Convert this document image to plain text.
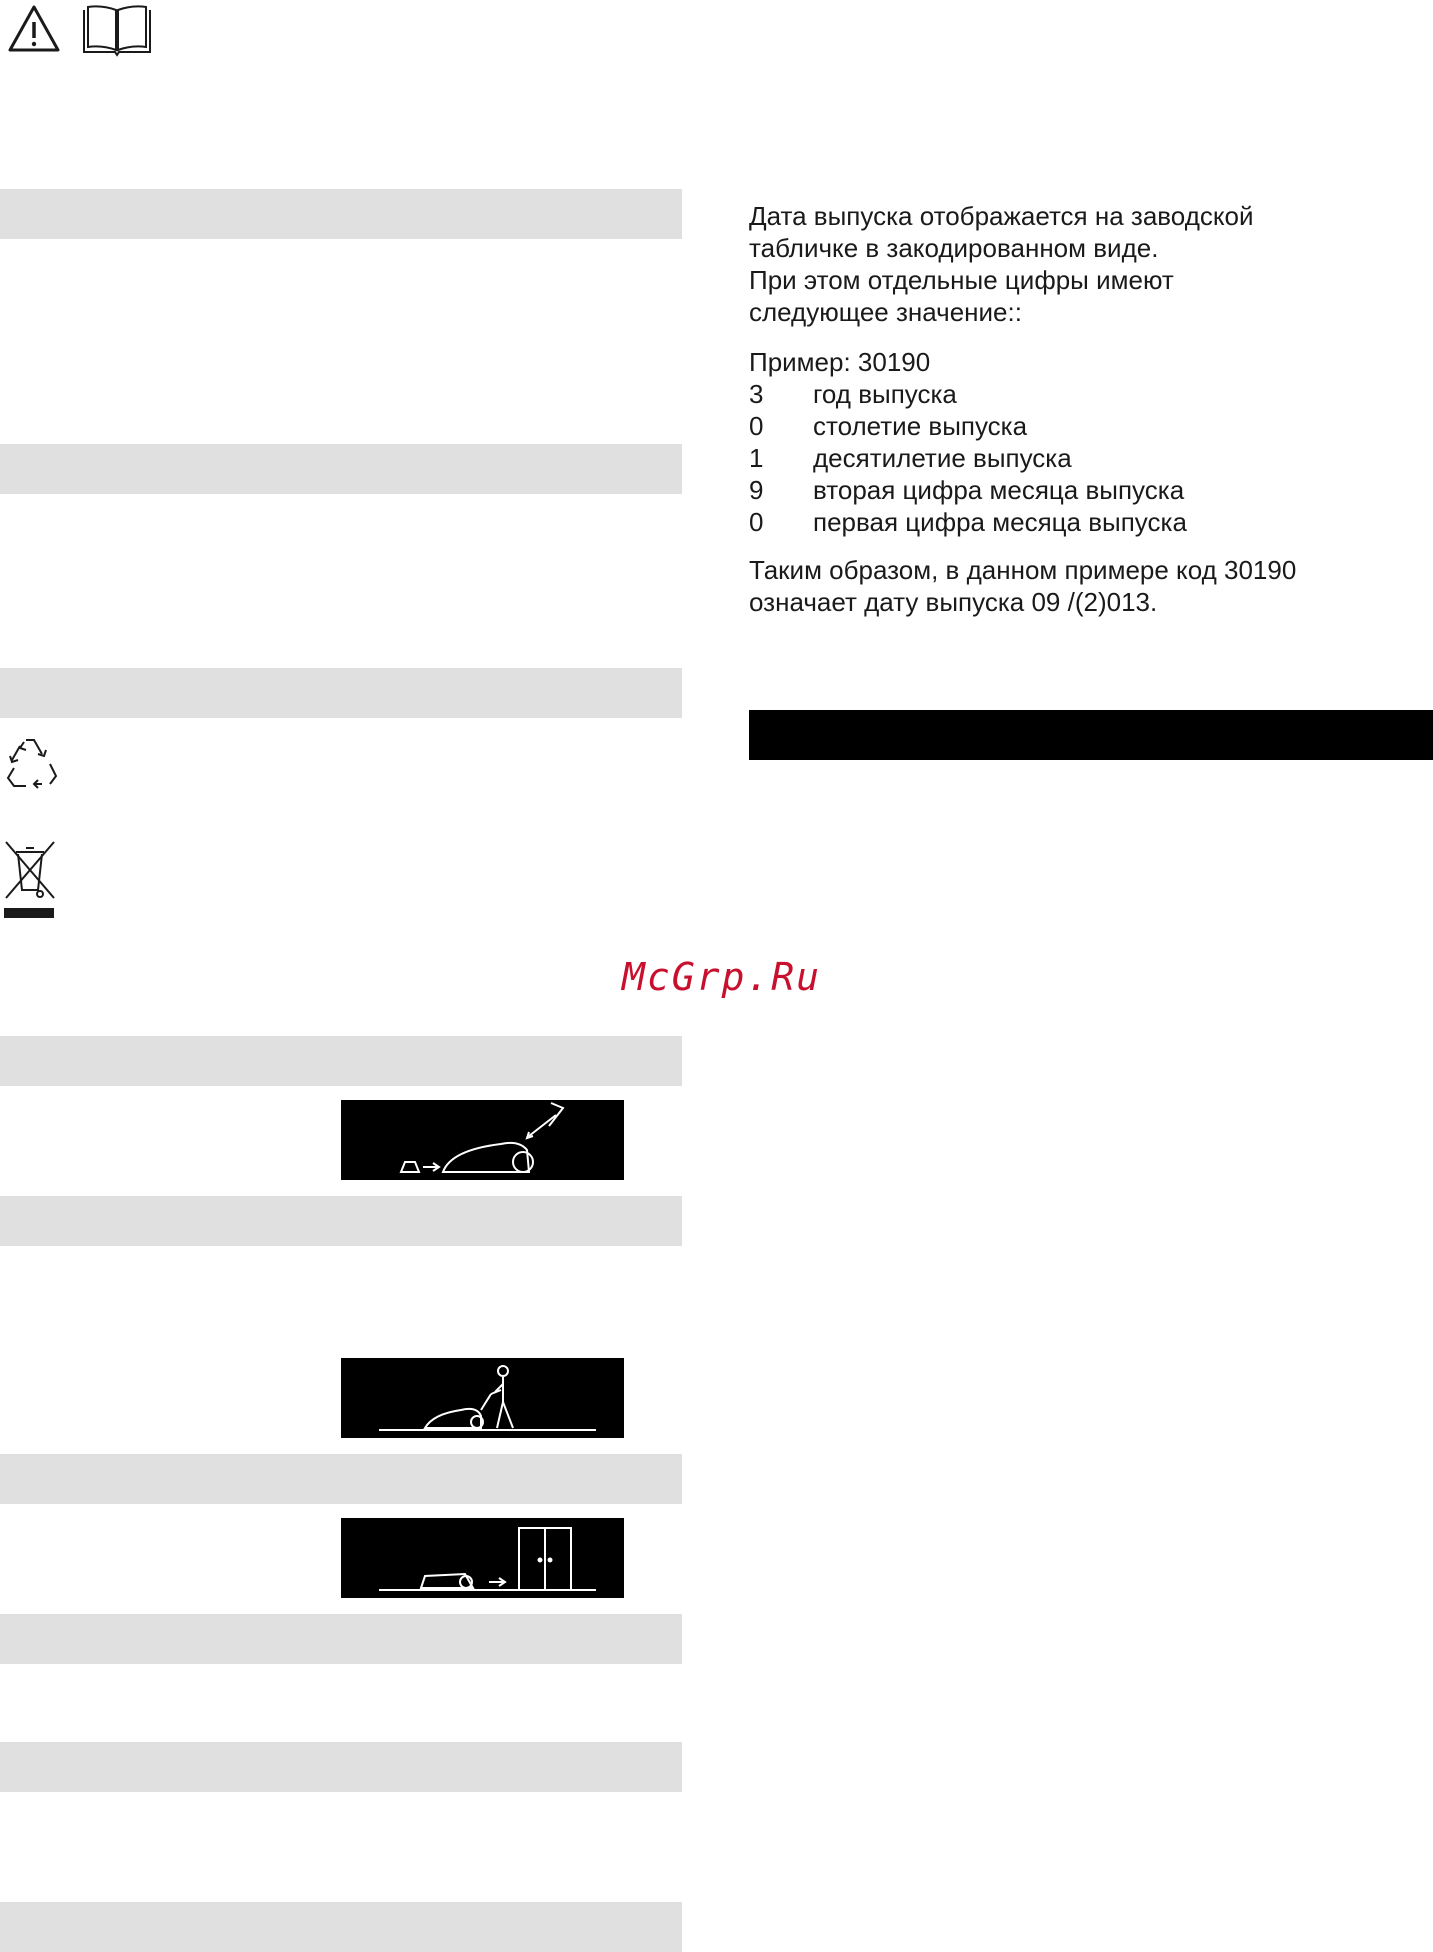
Дата выпуска отображается на заводской

табличке в закодированном виде.

При этом отдельные цифры имеют

следующее значение::

Пример: 30190
3	год выпуска
0	столетие выпуска
1	десятилетие выпуска
9	вторая цифра месяца выпуска
0	первая цифра месяца выпуска

Таким образом, в данном примере код 30190

означает дату выпуска 09 /(2)013.

McGrp.Ru
